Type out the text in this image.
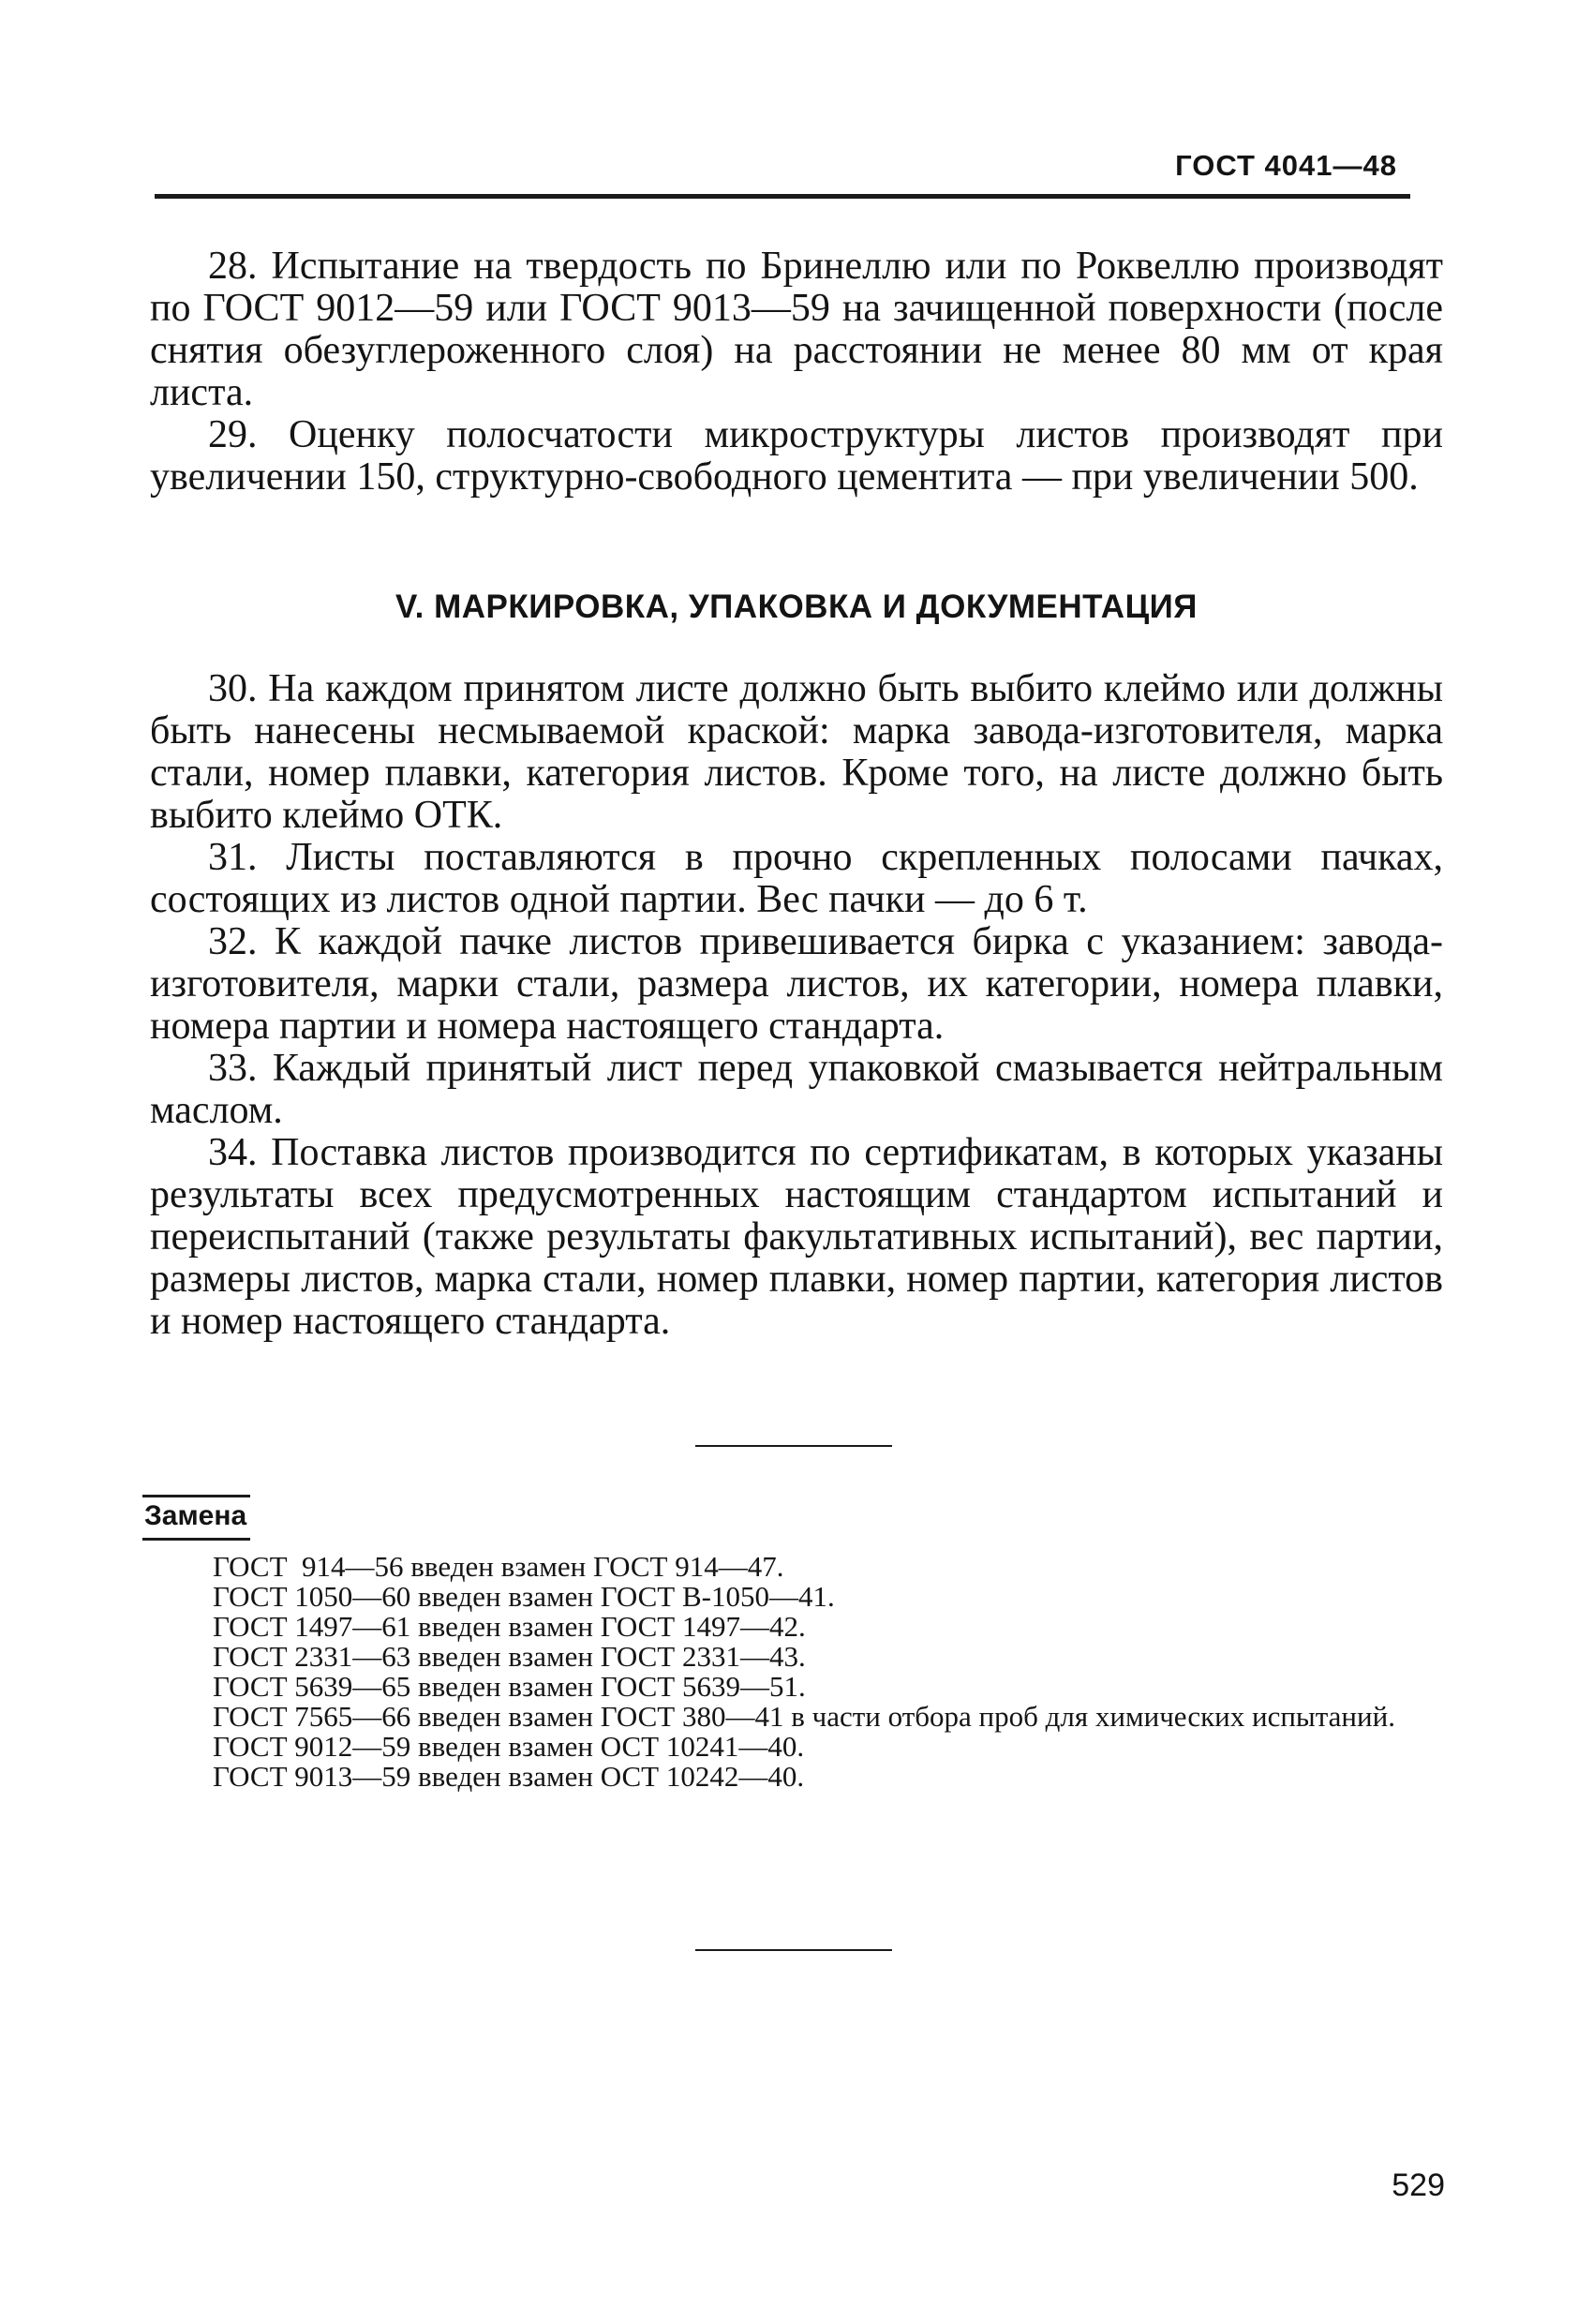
ГОСТ 4041—48

28. Испытание на твердость по Бринеллю или по Роквеллю производят по ГОСТ 9012—59 или ГОСТ 9013—59 на зачищенной поверхности (после снятия обезуглероженного слоя) на расстоянии не менее 80 мм от края листа.

29. Оценку полосчатости микроструктуры листов производят при увеличении 150, структурно-свободного цементита — при увеличении 500.

V. МАРКИРОВКА, УПАКОВКА И ДОКУМЕНТАЦИЯ

30. На каждом принятом листе должно быть выбито клеймо или должны быть нанесены несмываемой краской: марка завода-изготовителя, марка стали, номер плавки, категория листов. Кроме того, на листе должно быть выбито клеймо ОТК.

31. Листы поставляются в прочно скрепленных полосами пачках, состоящих из листов одной партии. Вес пачки — до 6 т.

32. К каждой пачке листов привешивается бирка с указанием: завода-изготовителя, марки стали, размера листов, их категории, номера плавки, номера партии и номера настоящего стандарта.

33. Каждый принятый лист перед упаковкой смазывается нейтральным маслом.

34. Поставка листов производится по сертификатам, в которых указаны результаты всех предусмотренных настоящим стандартом испытаний и переиспытаний (также результаты факультативных испытаний), вес партии, размеры листов, марка стали, номер плавки, номер партии, категория листов и номер настоящего стандарта.

Замена
ГОСТ  914—56
введен взамен ГОСТ 914—47.
ГОСТ 1050—60
введен взамен ГОСТ В-1050—41.
ГОСТ 1497—61
введен взамен ГОСТ 1497—42.
ГОСТ 2331—63
введен взамен ГОСТ 2331—43.
ГОСТ 5639—65
введен взамен ГОСТ 5639—51.
ГОСТ 7565—66
введен взамен ГОСТ 380—41 в части отбора проб для химических испытаний.
ГОСТ 9012—59
введен взамен ОСТ 10241—40.
ГОСТ 9013—59
введен взамен ОСТ 10242—40.
529
